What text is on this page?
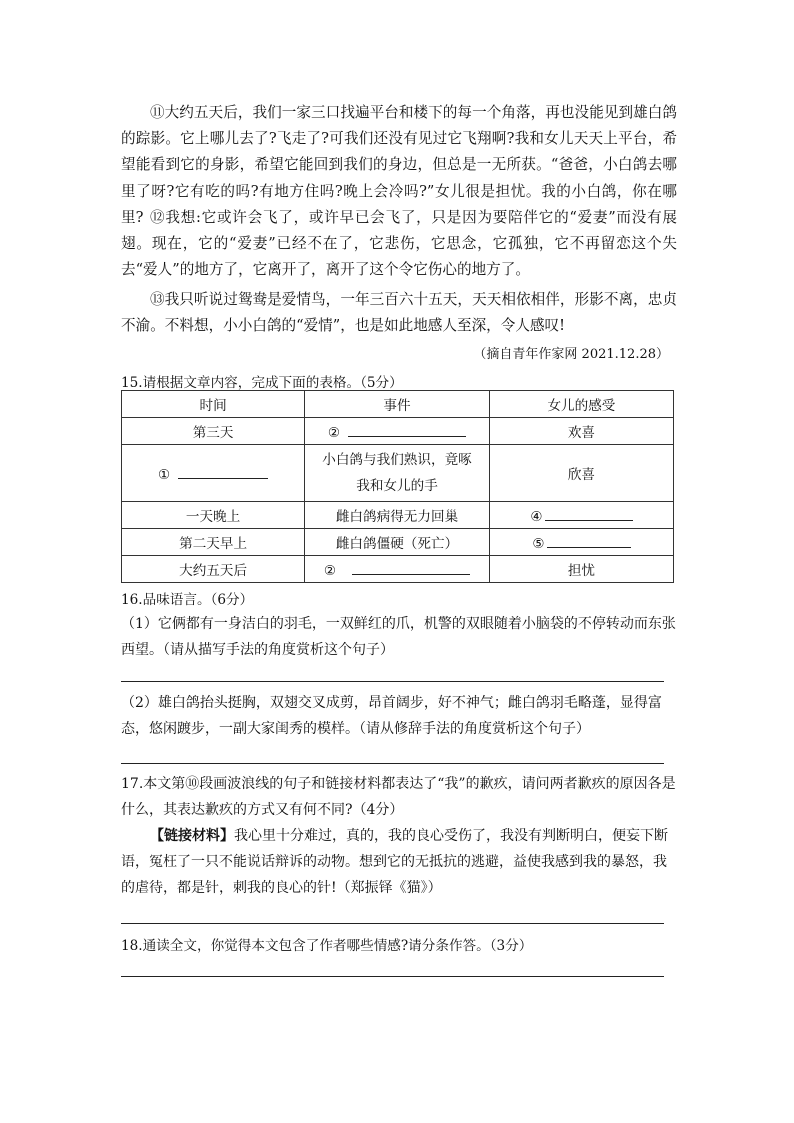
⑪大约五天后，我们一家三口找遍平台和楼下的每一个角落，再也没能见到雄白鸽的踪影。它上哪儿去了?飞走了?可我们还没有见过它飞翔啊?我和女儿天天上平台，希望能看到它的身影，希望它能回到我们的身边，但总是一无所获。“爸爸，小白鸽去哪里了呀?它有吃的吗?有地方住吗?晚上会冷吗?”女儿很是担忧。我的小白鸽，你在哪里? ⑫我想:它或许会飞了，或许早已会飞了，只是因为要陪伴它的“爱妻”而没有展翅。现在，它的“爱妻”已经不在了，它悲伤，它思念，它孤独，它不再留恋这个失去“爱人”的地方了，它离开了，离开了这个令它伤心的地方了。

⑬我只听说过鸳鸯是爱情鸟，一年三百六十五天，天天相依相伴，形影不离，忠贞不渝。不料想，小小白鸽的“爱情”，也是如此地感人至深，令人感叹!

（摘自青年作家网 2021.12.28）

15.请根据文章内容，完成下面的表格。（5分）

时间	事件	女儿的感受
第三天	②	欢喜
①	小白鸽与我们熟识，竟啄我和女儿的手	欣喜
一天晚上	雌白鸽病得无力回巢	④
第二天早上	雌白鸽僵硬（死亡）	⑤
大约五天后	②	担忧

16.品味语言。（6分）

（1）它俩都有一身洁白的羽毛，一双鲜红的爪，机警的双眼随着小脑袋的不停转动而东张西望。（请从描写手法的角度赏析这个句子）

（2）雄白鸽抬头挺胸，双翅交叉成剪，昂首阔步，好不神气；雌白鸽羽毛略蓬，显得富态，悠闲踱步，一副大家闺秀的模样。（请从修辞手法的角度赏析这个句子）

17.本文第⑩段画波浪线的句子和链接材料都表达了“我”的歉疚，请问两者歉疚的原因各是什么，其表达歉疚的方式又有何不同?（4分）

【链接材料】我心里十分难过，真的，我的良心受伤了，我没有判断明白，便妄下断语，冤枉了一只不能说话辩诉的动物。想到它的无抵抗的逃避，益使我感到我的暴怒，我的虐待，都是针，刺我的良心的针!（郑振铎《猫》）

18.通读全文，你觉得本文包含了作者哪些情感?请分条作答。（3分）
